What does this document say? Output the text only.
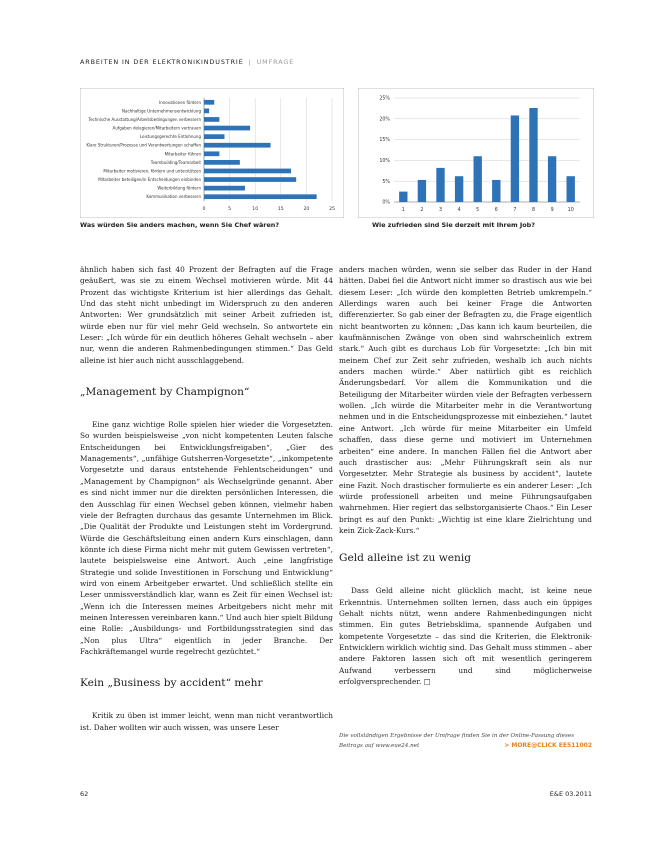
ARBEITEN IN DER ELEKTRONIKINDUSTRIE | UMFRAGE
0	5	10	15	20	25
Innovationen fördern
Nachhaltige Unternehmensentwicklung
Technische Ausstattung/Arbeitsbedingungen verbessern
Aufgaben delegieren/Mitarbeitern vertrauen
Leistungsgerechte Entlohnung
Klare Strukturen/Prozesse und Verantwortungen schaffen
Mitarbeiter führen
Teambuilding/Teamarbeit
Mitarbeiter motivieren, fördern und unterstützen
Mitarbeiter beteiligen/in Entscheidungen einbinden
Weiterbildung fördern
Kommunikation verbessern
Was würden Sie anders machen, wenn Sie Chef wären?
0%
5%
10%
15%
20%
25%
1	2	3	4	5	6	7	8	9	10
Wie zufrieden sind Sie derzeit mit Ihrem Job?

ähnlich haben sich fast 40 Prozent der Befragten auf die Frage geäußert, was sie zu einem Wechsel motivieren würde. Mit 44 Prozent das wichtigste Kriterium ist hier allerdings das Gehalt. Und das steht nicht unbedingt im Widerspruch zu den anderen Antworten: Wer grundsätzlich mit seiner Arbeit zufrieden ist, würde eben nur für viel mehr Geld wechseln. So antwortete ein Leser: „Ich würde für ein deutlich höheres Gehalt wechseln – aber nur, wenn die anderen Rahmenbedingungen stimmen.“ Das Geld alleine ist hier auch nicht ausschlaggebend.

„Management by Champignon“

Eine ganz wichtige Rolle spielen hier wieder die Vorgesetzten. So wurden beispielsweise „von nicht kompetenten Leuten falsche Entscheidungen bei Entwicklungsfreigaben“, „Gier des Managements“, „unfähige Gutsherren-Vorgesetzte“, „inkompetente Vorgesetzte und daraus entstehende Fehlentscheidungen“ und „Management by Champignon“ als Wechselgründe genannt. Aber es sind nicht immer nur die direkten persönlichen Interessen, die den Ausschlag für einen Wechsel geben können, vielmehr haben viele der Befragten durchaus das gesamte Unternehmen im Blick. „Die Qualität der Produkte und Leistungen steht im Vordergrund. Würde die Geschäftsleitung einen andern Kurs einschlagen, dann könnte ich diese Firma nicht mehr mit gutem Gewissen vertreten“, lautete beispielsweise eine Antwort. Auch „eine langfristige Strategie und solide Investitionen in Forschung und Entwicklung“ wird von einem Arbeitgeber erwartet. Und schließlich stellte ein Leser unmissverständlich klar, wann es Zeit für einen Wechsel ist: „Wenn ich die Interessen meines Arbeitgebers nicht mehr mit meinen Interessen vereinbaren kann.“ Und auch hier spielt Bildung eine Rolle: „Ausbildungs- und Fortbildungsstrategien sind das „Non plus Ultra“ eigentlich in jeder Branche. Der Fachkräftemangel wurde regelrecht gezüchtet.“

Kein „Business by accident“ mehr

Kritik zu üben ist immer leicht, wenn man nicht verantwortlich ist. Daher wollten wir auch wissen, was unsere Leser

anders machen würden, wenn sie selber das Ruder in der Hand hätten. Dabei fiel die Antwort nicht immer so drastisch aus wie bei diesem Leser: „Ich würde den kompletten Betrieb umkrempeln.“ Allerdings waren auch bei keiner Frage die Antworten differenzierter. So gab einer der Befragten zu, die Frage eigentlich nicht beantworten zu können: „Das kann ich kaum beurteilen, die kaufmännischen Zwänge von oben sind wahrscheinlich extrem stark.“ Auch gibt es durchaus Lob für Vorgesetzte: „Ich bin mit meinem Chef zur Zeit sehr zufrieden, weshalb ich auch nichts anders machen würde.“ Aber natürlich gibt es reichlich Änderungsbedarf. Vor allem die Kommunikation und die Beteiligung der Mitarbeiter würden viele der Befragten verbessern wollen. „Ich würde die Mitarbeiter mehr in die Verantwortung nehmen und in die Entscheidungsprozesse mit einbeziehen.“ lautet eine Antwort. „Ich würde für meine Mitarbeiter ein Umfeld schaffen, dass diese gerne und motiviert im Unternehmen arbeiten“ eine andere. In manchen Fällen fiel die Antwort aber auch drastischer aus: „Mehr Führungskraft sein als nur Vorgesetzter. Mehr Strategie als business by accident“, lautete eine Fazit. Noch drastischer formulierte es ein anderer Leser: „Ich würde professionell arbeiten und meine Führungsaufgaben wahrnehmen. Hier regiert das selbstorganisierte Chaos.“ Ein Leser bringt es auf den Punkt: „Wichtig ist eine klare Zielrichtung und kein Zick-Zack-Kurs.“

Geld alleine ist zu wenig

Dass Geld alleine nicht glücklich macht, ist keine neue Erkenntnis. Unternehmen sollten lernen, dass auch ein üppiges Gehalt nichts nützt, wenn andere Rahmenbedingungen nicht stimmen. Ein gutes Betriebsklima, spannende Aufgaben und kompetente Vorgesetzte – das sind die Kriterien, die Elektronik-Entwicklern wirklich wichtig sind. Das Gehalt muss stimmen – aber andere Faktoren lassen sich oft mit wesentlich geringerem Aufwand verbessern und sind möglicherweise erfolgversprechender. □

Die vollständigen Ergebnisse der Umfrage finden Sie in der Online-Fassung dieses Beitrags auf www.eue24.net	> MORE@CLICK EE511002
62	E&E 03.2011
